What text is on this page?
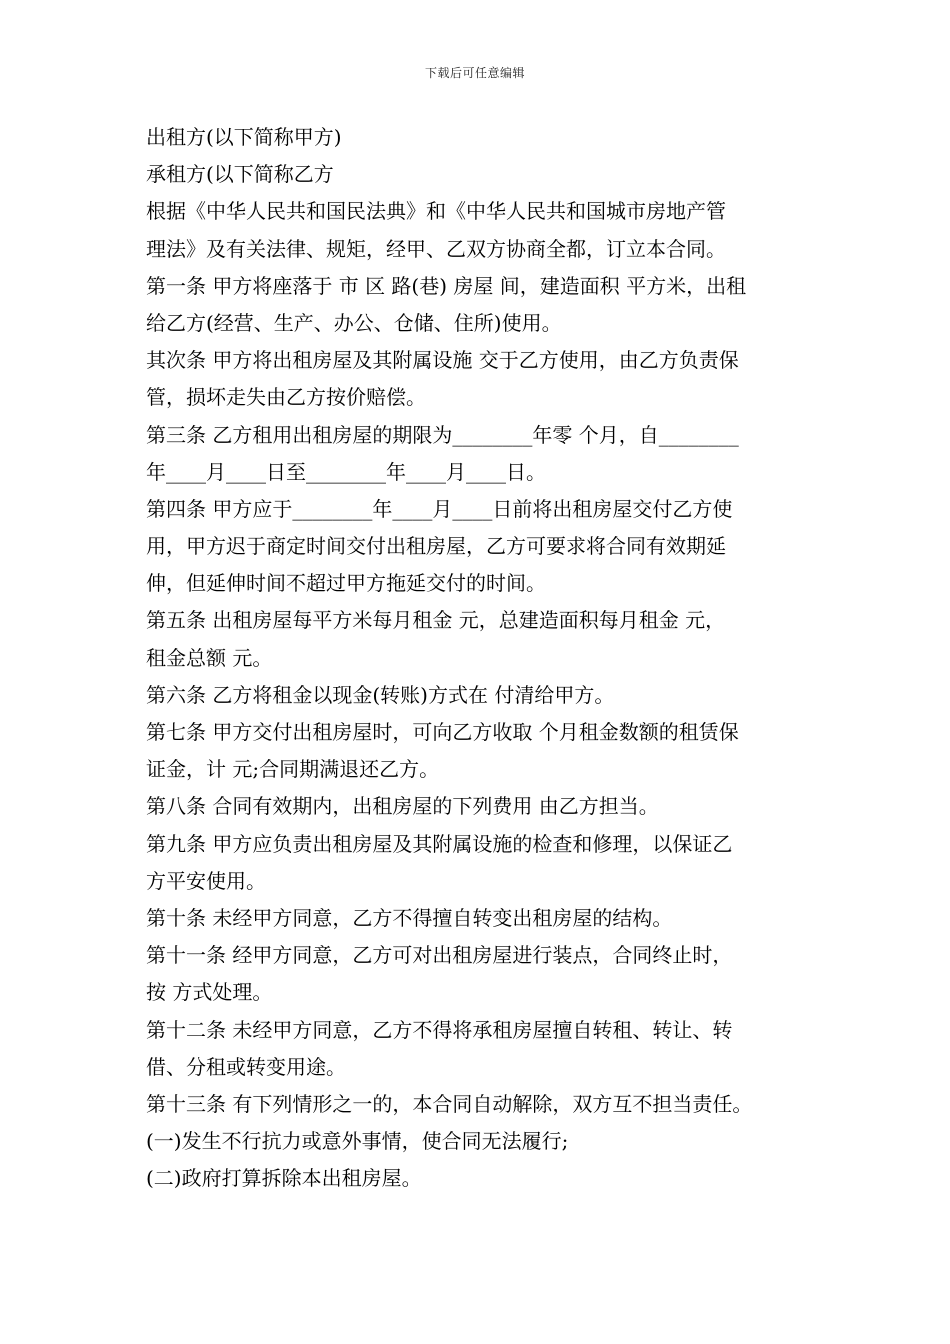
下载后可任意编辑
出租方(以下简称甲方)
承租方(以下简称乙方
根据《中华人民共和国民法典》和《中华人民共和国城市房地产管
理法》及有关法律、规矩，经甲、乙双方协商全都，订立本合同。
第一条 甲方将座落于 市 区 路(巷) 房屋 间，建造面积 平方米，出租
给乙方(经营、生产、办公、仓储、住所)使用。
其次条 甲方将出租房屋及其附属设施 交于乙方使用，由乙方负责保
管，损坏走失由乙方按价赔偿。
第三条 乙方租用出租房屋的期限为________年零 个月，自________
年____月____日至________年____月____日。
第四条 甲方应于________年____月____日前将出租房屋交付乙方使
用，甲方迟于商定时间交付出租房屋，乙方可要求将合同有效期延
伸，但延伸时间不超过甲方拖延交付的时间。
第五条 出租房屋每平方米每月租金 元，总建造面积每月租金 元，
租金总额 元。
第六条 乙方将租金以现金(转账)方式在 付清给甲方。
第七条 甲方交付出租房屋时，可向乙方收取 个月租金数额的租赁保
证金，计 元;合同期满退还乙方。
第八条 合同有效期内，出租房屋的下列费用 由乙方担当。
第九条 甲方应负责出租房屋及其附属设施的检查和修理，以保证乙
方平安使用。
第十条 未经甲方同意，乙方不得擅自转变出租房屋的结构。
第十一条 经甲方同意，乙方可对出租房屋进行装点，合同终止时，
按 方式处理。
第十二条 未经甲方同意，乙方不得将承租房屋擅自转租、转让、转
借、分租或转变用途。
第十三条 有下列情形之一的，本合同自动解除，双方互不担当责任。
(一)发生不行抗力或意外事情，使合同无法履行;
(二)政府打算拆除本出租房屋。
